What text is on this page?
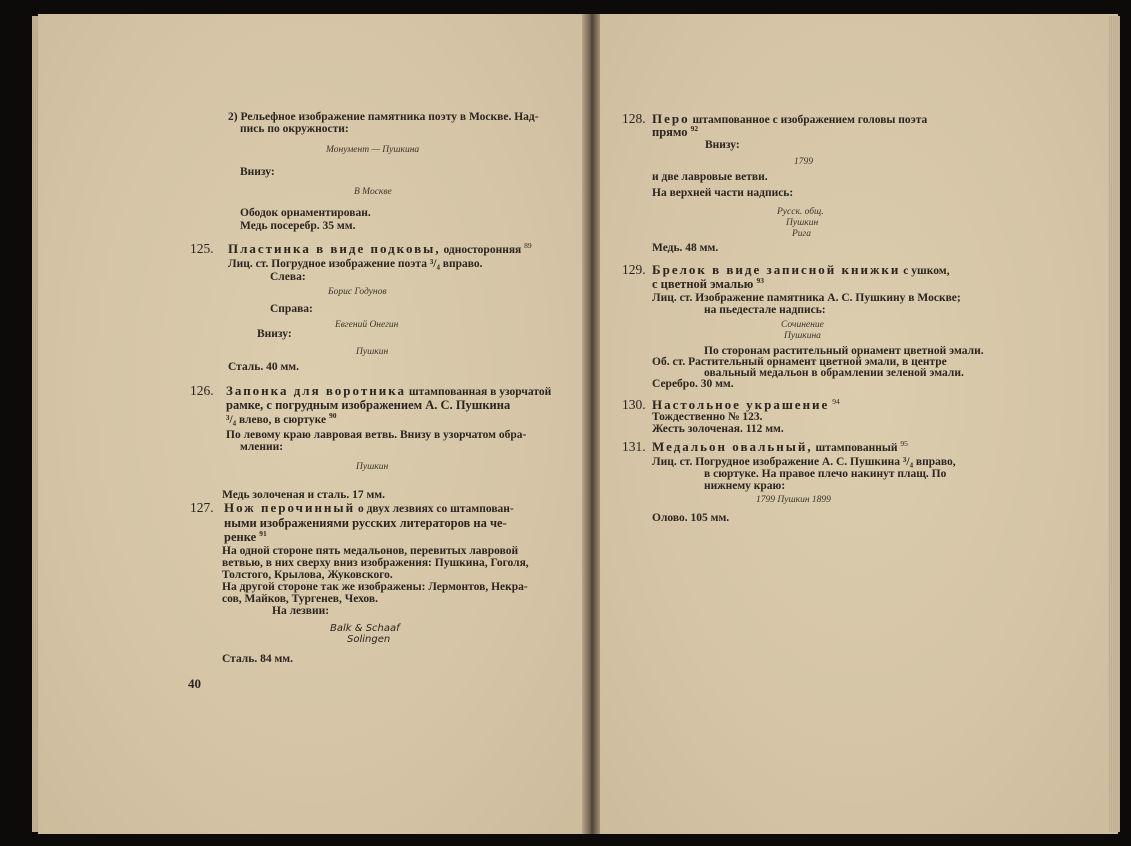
2) Рельефное изображение памятника поэту в Москве. Над-
пись по окружности:
Монумент — Пушкина
Внизу:
В Москве
Ободок орнаментирован.
Медь посеребр. 35 мм.
125. Пластинка в виде подковы, односторонняя $^{89}$
Лиц. ст. Погрудное изображение поэта ³/₄ вправо.
Слева:
Борис Годунов
Справа:
Евгений Онегин
Внизу:
Пушкин
Сталь. 40 мм.
126. Запонка для воротника штампованная в узорчатой
рамке, с погрудным изображением А. С. Пушкина
³/₄ влево, в сюртуке $^{90}$
По левому краю лавровая ветвь. Внизу в узорчатом обра-
млении:
Пушкин
Медь золоченая и сталь. 17 мм.
127. Нож перочинный о двух лезвиях со штампован-
ными изображениями русских литераторов на че-
ренке $^{91}$
На одной стороне пять медальонов, перевитых лавровой
ветвью, в них сверху вниз изображения: Пушкина, Гоголя,
Толстого, Крылова, Жуковского.
На другой стороне так же изображены: Лермонтов, Некра-
сов, Майков, Тургенев, Чехов.
На лезвии:
Balk & Schaaf
Solingen
Сталь. 84 мм.
40
128. Перо штампованное с изображением головы поэта
прямо $^{92}$
Внизу:
1799
и две лавровые ветви.
На верхней части надпись:
Русск. общ.
Пушкин
Рига
Медь. 48 мм.
129. Брелок в виде записной книжки с ушком,
с цветной эмалью $^{93}$
Лиц. ст. Изображение памятника А. С. Пушкину в Москве;
на пьедестале надпись:
Сочинение
Пушкина
По сторонам растительный орнамент цветной эмали.
Об. ст. Растительный орнамент цветной эмали, в центре
овальный медальон в обрамлении зеленой эмали.
Серебро. 30 мм.
130. Настольное украшение $^{94}$
Тождественно № 123.
Жесть золоченая. 112 мм.
131. Медальон овальный, штампованный $^{95}$
Лиц. ст. Погрудное изображение А. С. Пушкина ³/₄ вправо,
в сюртуке. На правое плечо накинут плащ. По
нижнему краю:
1799 Пушкин 1899
Олово. 105 мм.
